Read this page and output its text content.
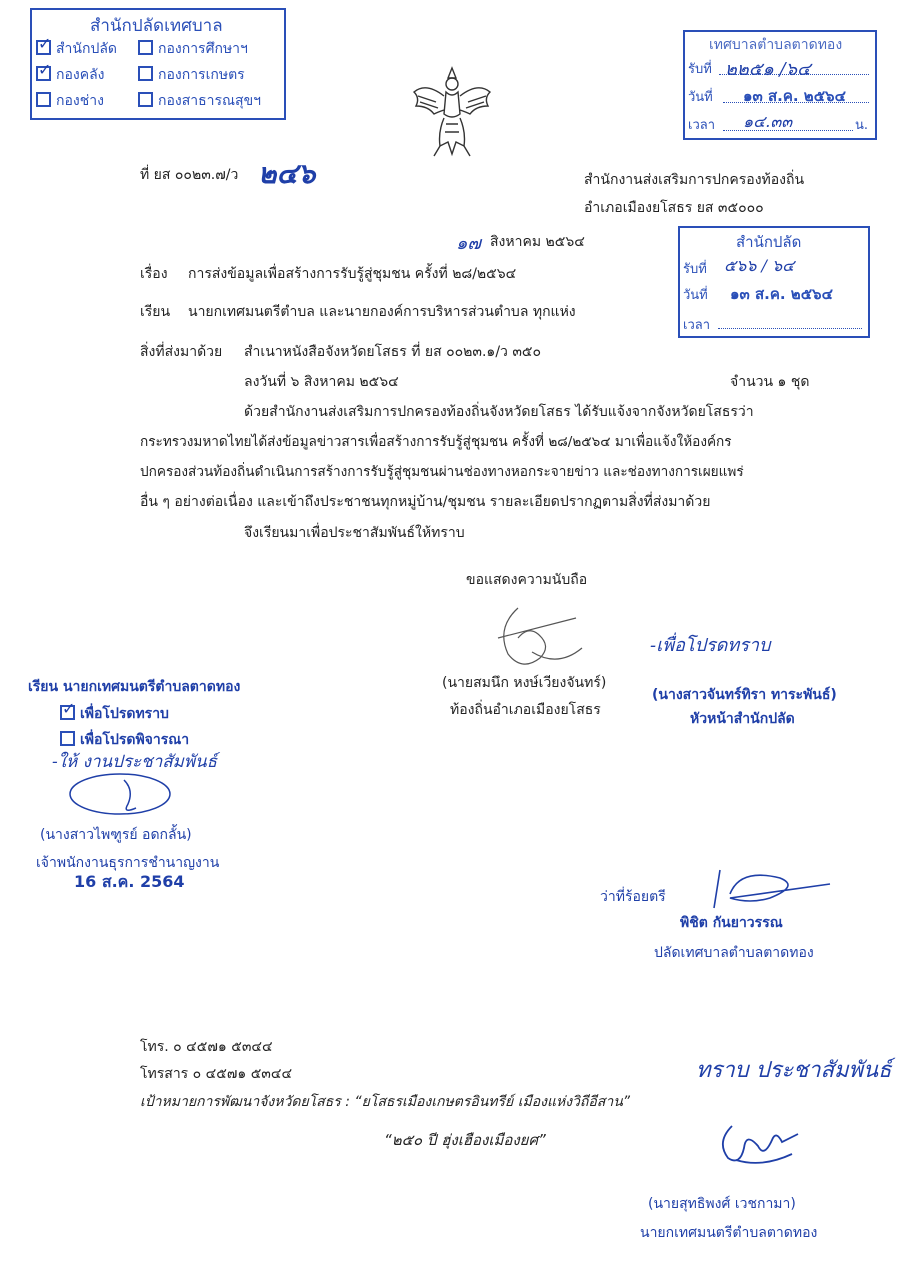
สำนักปลัดเทศบาล
✓สำนักปลัด	กองการศึกษาฯ
✓กองคลัง	กองการเกษตร
กองช่าง	กองสาธารณสุขฯ
เทศบาลตำบลตาดทอง
รับที่ ๒๒๕๑ /๖๔
วันที่ ๑๓ ส.ค. ๒๕๖๔
เวลา ๑๔.๓๓	น.
ที่ ยส ๐๐๒๓.๗/ว ๒๔๖	สำนักงานส่งเสริมการปกครองท้องถิ่น
อำเภอเมืองยโสธร ยส ๓๕๐๐๐
๑๗ สิงหาคม ๒๕๖๔	สำนักปลัด
รับที่ ๕๖๖ / ๖๔
วันที่ ๑๓ ส.ค. ๒๕๖๔
เวลา
เรื่อง การส่งข้อมูลเพื่อสร้างการรับรู้สู่ชุมชน ครั้งที่ ๒๘/๒๕๖๔
เรียน นายกเทศมนตรีตำบล และนายกองค์การบริหารส่วนตำบล ทุกแห่ง
สิ่งที่ส่งมาด้วย สำเนาหนังสือจังหวัดยโสธร ที่ ยส ๐๐๒๓.๑/ว ๓๕๐
ลงวันที่ ๖ สิงหาคม ๒๕๖๔	จำนวน ๑ ชุด
ด้วยสำนักงานส่งเสริมการปกครองท้องถิ่นจังหวัดยโสธร ได้รับแจ้งจากจังหวัดยโสธรว่า
กระทรวงมหาดไทยได้ส่งข้อมูลข่าวสารเพื่อสร้างการรับรู้สู่ชุมชน ครั้งที่ ๒๘/๒๕๖๔ มาเพื่อแจ้งให้องค์กร
ปกครองส่วนท้องถิ่นดำเนินการสร้างการรับรู้สู่ชุมชนผ่านช่องทางหอกระจายข่าว และช่องทางการเผยแพร่
อื่น ๆ อย่างต่อเนื่อง และเข้าถึงประชาชนทุกหมู่บ้าน/ชุมชน รายละเอียดปรากฏตามสิ่งที่ส่งมาด้วย
จึงเรียนมาเพื่อประชาสัมพันธ์ให้ทราบ
ขอแสดงความนับถือ
(นายสมนึก หงษ์เวียงจันทร์)
ท้องถิ่นอำเภอเมืองยโสธร
-เพื่อโปรดทราบ
(นางสาวจันทร์ทิรา ทาระพันธ์)
หัวหน้าสำนักปลัด
เรียน นายกเทศมนตรีตำบลตาดทอง
✓เพื่อโปรดทราบ
เพื่อโปรดพิจารณา
-ให้ งานประชาสัมพันธ์
(นางสาวไพฑูรย์ อดกลั้น)
เจ้าพนักงานธุรการชำนาญงาน
16 ส.ค. 2564
ว่าที่ร้อยตรี
พิชิต กันยาวรรณ
ปลัดเทศบาลตำบลตาดทอง
โทร. ๐ ๔๕๗๑ ๕๓๔๔
โทรสาร ๐ ๔๕๗๑ ๕๓๔๔
เป้าหมายการพัฒนาจังหวัดยโสธร : “ยโสธรเมืองเกษตรอินทรีย์ เมืองแห่งวิถีอีสาน”
“๒๕๐ ปี ฮุ่งเฮืองเมืองยศ”
ทราบ ประชาสัมพันธ์
(นายสุทธิพงศ์ เวชกามา)
นายกเทศมนตรีตำบลตาดทอง
